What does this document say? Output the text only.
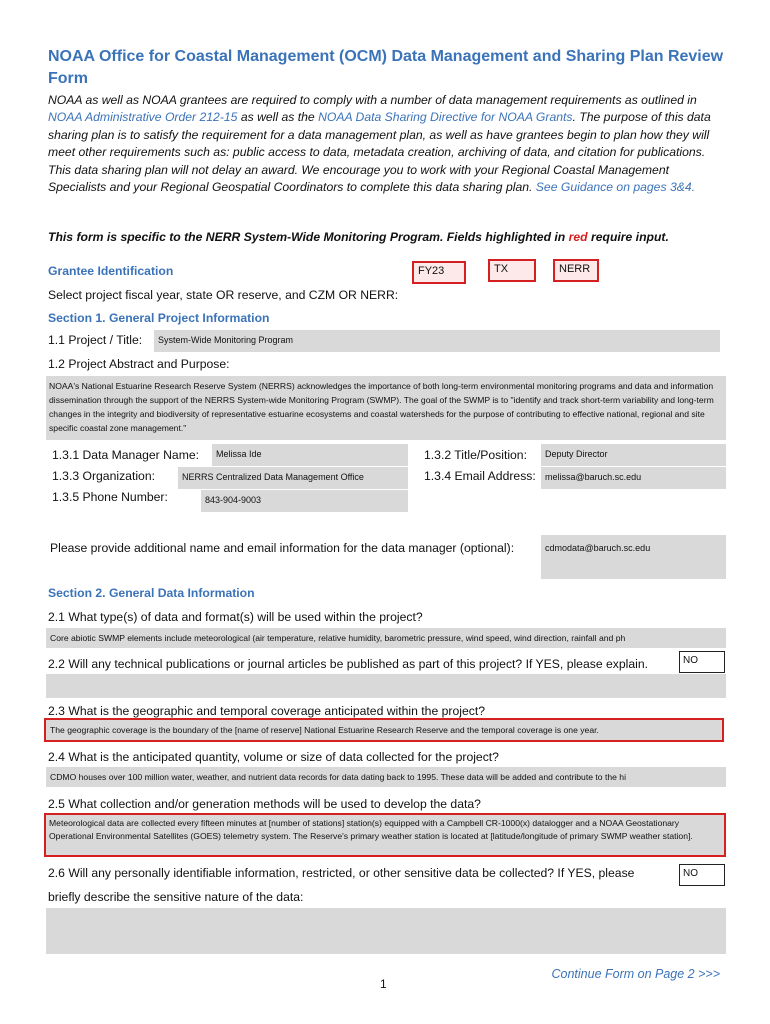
NOAA Office for Coastal Management (OCM) Data Management and Sharing Plan Review Form
NOAA as well as NOAA grantees are required to comply with a number of data management requirements as outlined in NOAA Administrative Order 212-15 as well as the NOAA Data Sharing Directive for NOAA Grants. The purpose of this data sharing plan is to satisfy the requirement for a data management plan, as well as have grantees begin to plan how they will meet other requirements such as: public access to data, metadata creation, archiving of data, and citation for publications. This data sharing plan will not delay an award. We encourage you to work with your Regional Coastal Management Specialists and your Regional Geospatial Coordinators to complete this data sharing plan. See Guidance on pages 3&4.
This form is specific to the NERR System-Wide Monitoring Program. Fields highlighted in red require input.
Grantee Identification	FY23	TX	NERR
Select project fiscal year, state OR reserve, and CZM OR NERR:
Section 1. General Project Information
1.1 Project / Title:	System-Wide Monitoring Program
1.2 Project Abstract and Purpose:
NOAA's National Estuarine Research Reserve System (NERRS) acknowledges the importance of both long-term environmental monitoring programs and data and information dissemination through the support of the NERRS System-wide Monitoring Program (SWMP). The goal of the SWMP is to "identify and track short-term variability and long-term changes in the integrity and biodiversity of representative estuarine ecosystems and coastal watersheds for the purpose of contributing to effective national, regional and site specific coastal zone management."
1.3.1 Data Manager Name:	Melissa Ide	1.3.2 Title/Position:	Deputy Director
1.3.3 Organization:	NERRS Centralized Data Management Office	1.3.4 Email Address:	melissa@baruch.sc.edu
1.3.5 Phone Number:	843-904-9003
Please provide additional name and email information for the data manager (optional):	cdmodata@baruch.sc.edu
Section 2. General Data Information
2.1 What type(s) of data and format(s) will be used within the project?
Core abiotic SWMP elements include meteorological (air temperature, relative humidity, barometric pressure, wind speed, wind direction, rainfall and ph
2.2 Will any technical publications or journal articles be published as part of this project? If YES, please explain.	NO
2.3 What is the geographic and temporal coverage anticipated within the project?
The geographic coverage is the boundary of the [name of reserve] National Estuarine Research Reserve and the temporal coverage is one year.
2.4 What is the anticipated quantity, volume or size of data collected for the project?
CDMO houses over 100 million water, weather, and nutrient data records for data dating back to 1995. These data will be added and contribute to the hi
2.5 What collection and/or generation methods will be used to develop the data?
Meteorological data are collected every fifteen minutes at [number of stations] station(s) equipped with a Campbell CR-1000(x) datalogger and a NOAA Geostationary Operational Environmental Satellites (GOES) telemetry system. The Reserve's primary weather station is located at [latitude/longitude of primary SWMP weather station].
2.6 Will any personally identifiable information, restricted, or other sensitive data be collected? If YES, please
briefly describe the sensitive nature of the data:
NO
Continue Form on Page 2 >>>
1
